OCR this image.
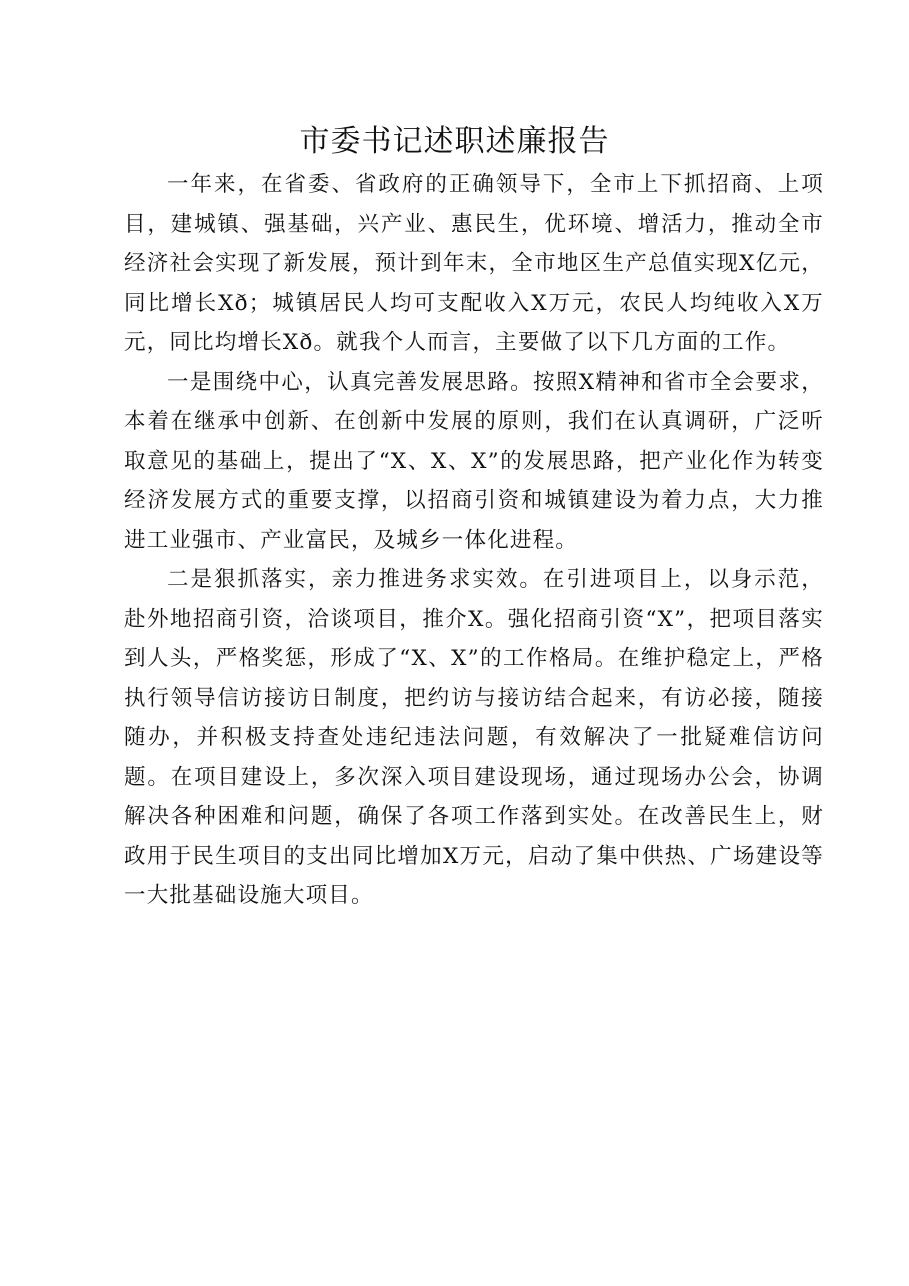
市委书记述职述廉报告

一年来，在省委、省政府的正确领导下，全市上下抓招商、上项目，建城镇、强基础，兴产业、惠民生，优环境、增活力，推动全市经济社会实现了新发展，预计到年末，全市地区生产总值实现X亿元，同比增长Xð；城镇居民人均可支配收入X万元，农民人均纯收入X万元，同比均增长Xð。就我个人而言，主要做了以下几方面的工作。

一是围绕中心，认真完善发展思路。按照X精神和省市全会要求，本着在继承中创新、在创新中发展的原则，我们在认真调研，广泛听取意见的基础上，提出了“X、X、X”的发展思路，把产业化作为转变经济发展方式的重要支撑，以招商引资和城镇建设为着力点，大力推进工业强市、产业富民，及城乡一体化进程。

二是狠抓落实，亲力推进务求实效。在引进项目上，以身示范，赴外地招商引资，洽谈项目，推介X。强化招商引资“X”，把项目落实到人头，严格奖惩，形成了“X、X”的工作格局。在维护稳定上，严格执行领导信访接访日制度，把约访与接访结合起来，有访必接，随接随办，并积极支持查处违纪违法问题，有效解决了一批疑难信访问题。在项目建设上，多次深入项目建设现场，通过现场办公会，协调解决各种困难和问题，确保了各项工作落到实处。在改善民生上，财政用于民生项目的支出同比增加X万元，启动了集中供热、广场建设等一大批基础设施大项目。
